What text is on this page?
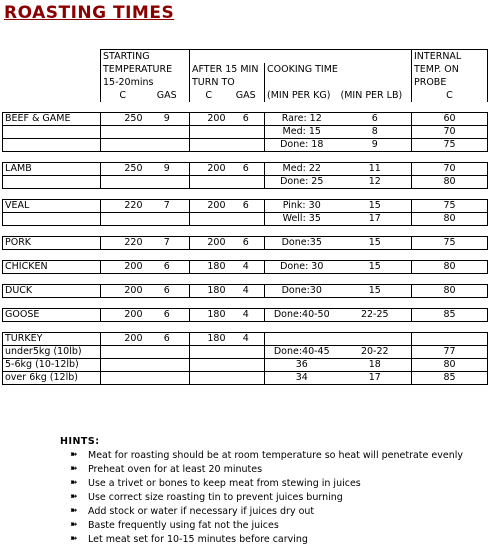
ROASTING TIMES
	STARTING						INTERNAL
	TEMPERATURE		AFTER 15 MIN		COOKING TIME		TEMP. ON
	15-20mins		TURN TO				PROBE
	C	GAS	C	GAS	(MIN PER KG)	(MIN PER LB)	C

BEEF & GAME	250	9	200	6	Rare: 12	6	60
					Med: 15	8	70
					Done: 18	9	75

LAMB	250	9	200	6	Med: 22	11	70
					Done: 25	12	80

VEAL	220	7	200	6	Pink: 30	15	75
					Well: 35	17	80

PORK	220	7	200	6	Done:35	15	75

CHICKEN	200	6	180	4	Done: 30	15	80

DUCK	200	6	180	4	Done:30	15	80

GOOSE	200	6	180	4	Done:40-50	22-25	85

TURKEY	200	6	180	4			
under5kg (10lb)					Done:40-45	20-22	77
5-6kg (10-12lb)					36	18	80
over 6kg (12lb)					34	17	85
HINTS:
➽	Meat for roasting should be at room temperature so heat will penetrate evenly
➽	Preheat oven for at least 20 minutes
➽	Use a trivet or bones to keep meat from stewing in juices
➽	Use correct size roasting tin to prevent juices burning
➽	Add stock or water if necessary if juices dry out
➽	Baste frequently using fat not the juices
➽	Let meat set for 10-15 minutes before carving
